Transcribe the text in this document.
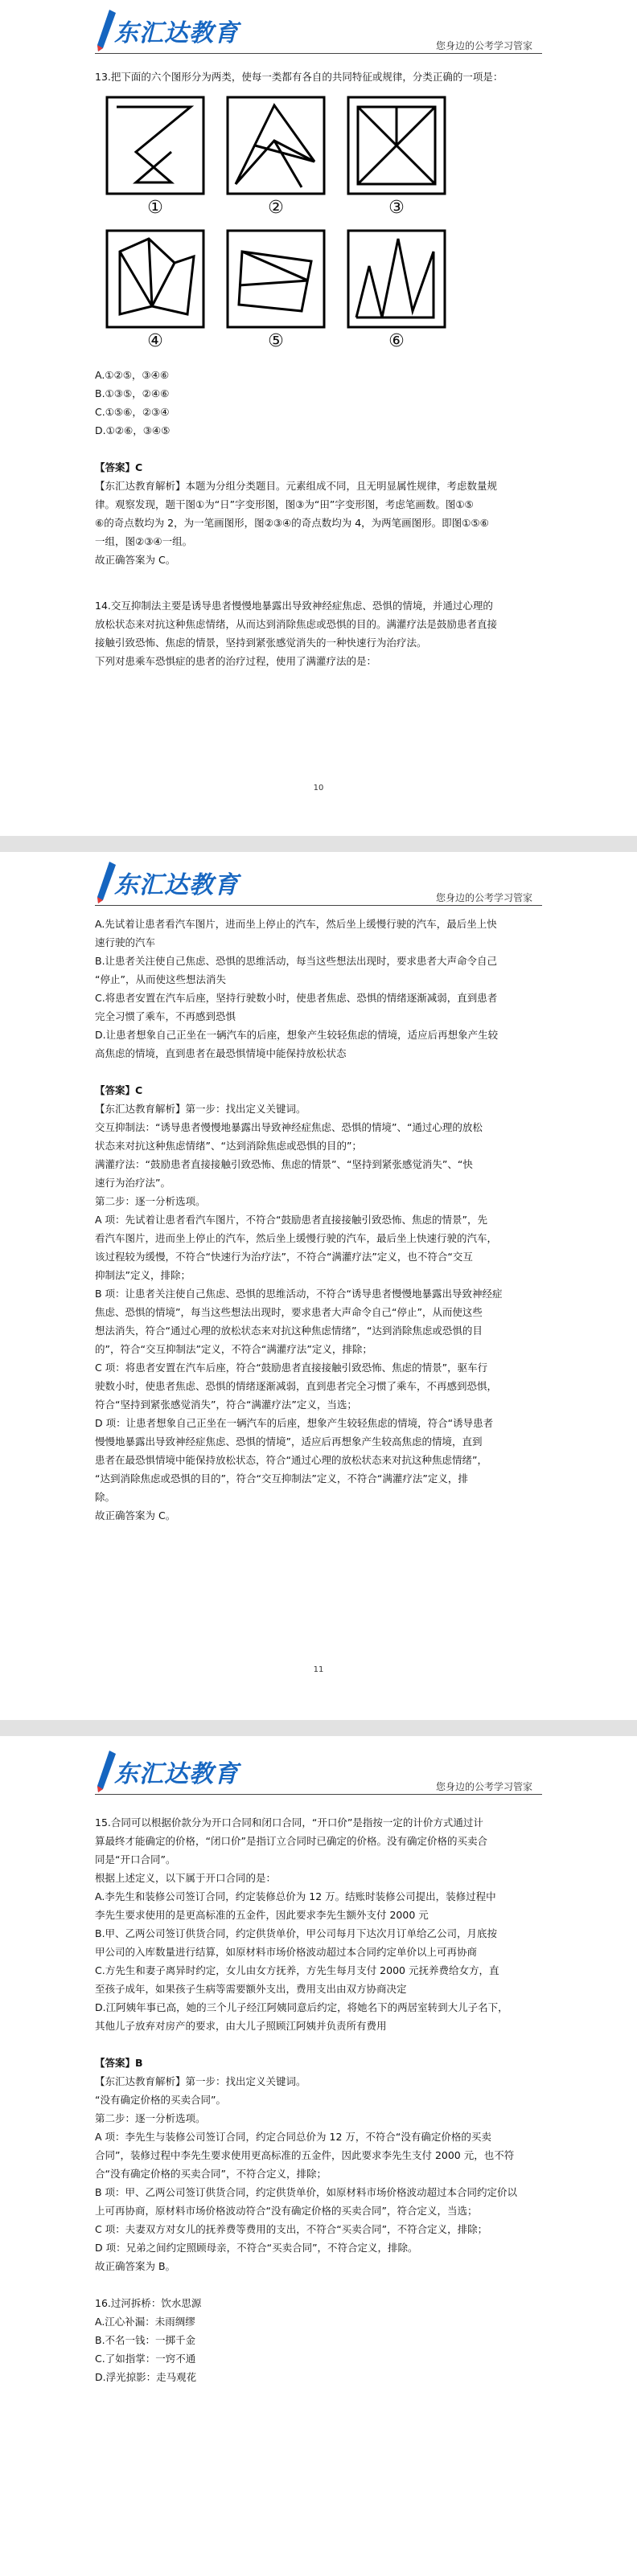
东汇达教育	您身边的公考学习管家

13.把下面的六个图形分为两类，使每一类都有各自的共同特征或规律，分类正确的一项是：

①	②	③
④	⑤	⑥

A.①②⑤，③④⑥

B.①③⑤，②④⑥

C.①⑤⑥，②③④

D.①②⑥，③④⑤

【答案】C

【东汇达教育解析】本题为分组分类题目。元素组成不同，且无明显属性规律，考虑数量规

律。观察发现，题干图①为“日”字变形图，图③为“田”字变形图，考虑笔画数。图①⑤

⑥的奇点数均为 2，为一笔画图形，图②③④的奇点数均为 4，为两笔画图形。即图①⑤⑥

一组，图②③④一组。

故正确答案为 C。

14.交互抑制法主要是诱导患者慢慢地暴露出导致神经症焦虑、恐惧的情境，并通过心理的

放松状态来对抗这种焦虑情绪，从而达到消除焦虑或恐惧的目的。满灌疗法是鼓励患者直接

接触引致恐怖、焦虑的情景，坚持到紧张感觉消失的一种快速行为治疗法。

下列对患乘车恐惧症的患者的治疗过程，使用了满灌疗法的是：

10
东汇达教育	您身边的公考学习管家

A.先试着让患者看汽车图片，进而坐上停止的汽车，然后坐上缓慢行驶的汽车，最后坐上快

速行驶的汽车

B.让患者关注使自己焦虑、恐惧的思维活动，每当这些想法出现时，要求患者大声命令自己

“停止”，从而使这些想法消失

C.将患者安置在汽车后座，坚持行驶数小时，使患者焦虑、恐惧的情绪逐渐减弱，直到患者

完全习惯了乘车，不再感到恐惧

D.让患者想象自己正坐在一辆汽车的后座，想象产生较轻焦虑的情境，适应后再想象产生较

高焦虑的情境，直到患者在最恐惧情境中能保持放松状态

【答案】C

【东汇达教育解析】第一步：找出定义关键词。

交互抑制法：“诱导患者慢慢地暴露出导致神经症焦虑、恐惧的情境”、“通过心理的放松

状态来对抗这种焦虑情绪”、“达到消除焦虑或恐惧的目的”；

满灌疗法：“鼓励患者直接接触引致恐怖、焦虑的情景”、“坚持到紧张感觉消失”、“快

速行为治疗法”。

第二步：逐一分析选项。

A 项：先试着让患者看汽车图片，不符合“鼓励患者直接接触引致恐怖、焦虑的情景”，先

看汽车图片，进而坐上停止的汽车，然后坐上缓慢行驶的汽车，最后坐上快速行驶的汽车，

该过程较为缓慢，不符合“快速行为治疗法”，不符合“满灌疗法”定义，也不符合“交互

抑制法”定义，排除；

B 项：让患者关注使自己焦虑、恐惧的思维活动，不符合“诱导患者慢慢地暴露出导致神经症

焦虑、恐惧的情境”，每当这些想法出现时，要求患者大声命令自己“停止”，从而使这些

想法消失，符合“通过心理的放松状态来对抗这种焦虑情绪”，“达到消除焦虑或恐惧的目

的”，符合“交互抑制法”定义，不符合“满灌疗法”定义，排除；

C 项：将患者安置在汽车后座，符合“鼓励患者直接接触引致恐怖、焦虑的情景”，驱车行

驶数小时，使患者焦虑、恐惧的情绪逐渐减弱，直到患者完全习惯了乘车，不再感到恐惧，

符合“坚持到紧张感觉消失”，符合“满灌疗法”定义，当选；

D 项：让患者想象自己正坐在一辆汽车的后座，想象产生较轻焦虑的情境，符合“诱导患者

慢慢地暴露出导致神经症焦虑、恐惧的情境”，适应后再想象产生较高焦虑的情境，直到

患者在最恐惧情境中能保持放松状态，符合“通过心理的放松状态来对抗这种焦虑情绪”，

“达到消除焦虑或恐惧的目的”，符合“交互抑制法”定义，不符合“满灌疗法”定义，排

除。

故正确答案为 C。

11
东汇达教育	您身边的公考学习管家

15.合同可以根据价款分为开口合同和闭口合同，“开口价”是指按一定的计价方式通过计

算最终才能确定的价格，“闭口价”是指订立合同时已确定的价格。没有确定价格的买卖合

同是“开口合同”。

根据上述定义，以下属于开口合同的是：

A.李先生和装修公司签订合同，约定装修总价为 12 万。结账时装修公司提出，装修过程中

李先生要求使用的是更高标准的五金件，因此要求李先生额外支付 2000 元

B.甲、乙两公司签订供货合同，约定供货单价，甲公司每月下达次月订单给乙公司，月底按

甲公司的入库数量进行结算，如原材料市场价格波动超过本合同约定单价以上可再协商

C.方先生和妻子离异时约定，女儿由女方抚养，方先生每月支付 2000 元抚养费给女方，直

至孩子成年，如果孩子生病等需要额外支出，费用支出由双方协商决定

D.江阿姨年事已高，她的三个儿子经江阿姨同意后约定，将她名下的两居室转到大儿子名下，

其他儿子放弃对房产的要求，由大儿子照顾江阿姨并负责所有费用

【答案】B

【东汇达教育解析】第一步：找出定义关键词。

“没有确定价格的买卖合同”。

第二步：逐一分析选项。

A 项：李先生与装修公司签订合同，约定合同总价为 12 万，不符合“没有确定价格的买卖

合同”，装修过程中李先生要求使用更高标准的五金件，因此要求李先生支付 2000 元，也不符

合“没有确定价格的买卖合同”，不符合定义，排除；

B 项：甲、乙两公司签订供货合同，约定供货单价，如原材料市场价格波动超过本合同约定价以

上可再协商，原材料市场价格波动符合“没有确定价格的买卖合同”，符合定义，当选；

C 项：夫妻双方对女儿的抚养费等费用的支出，不符合“买卖合同”，不符合定义，排除；

D 项：兄弟之间约定照顾母亲，不符合“买卖合同”，不符合定义，排除。

故正确答案为 B。

16.过河拆桥：饮水思源

A.江心补漏：未雨绸缪

B.不名一钱：一掷千金

C.了如指掌：一窍不通

D.浮光掠影：走马观花
